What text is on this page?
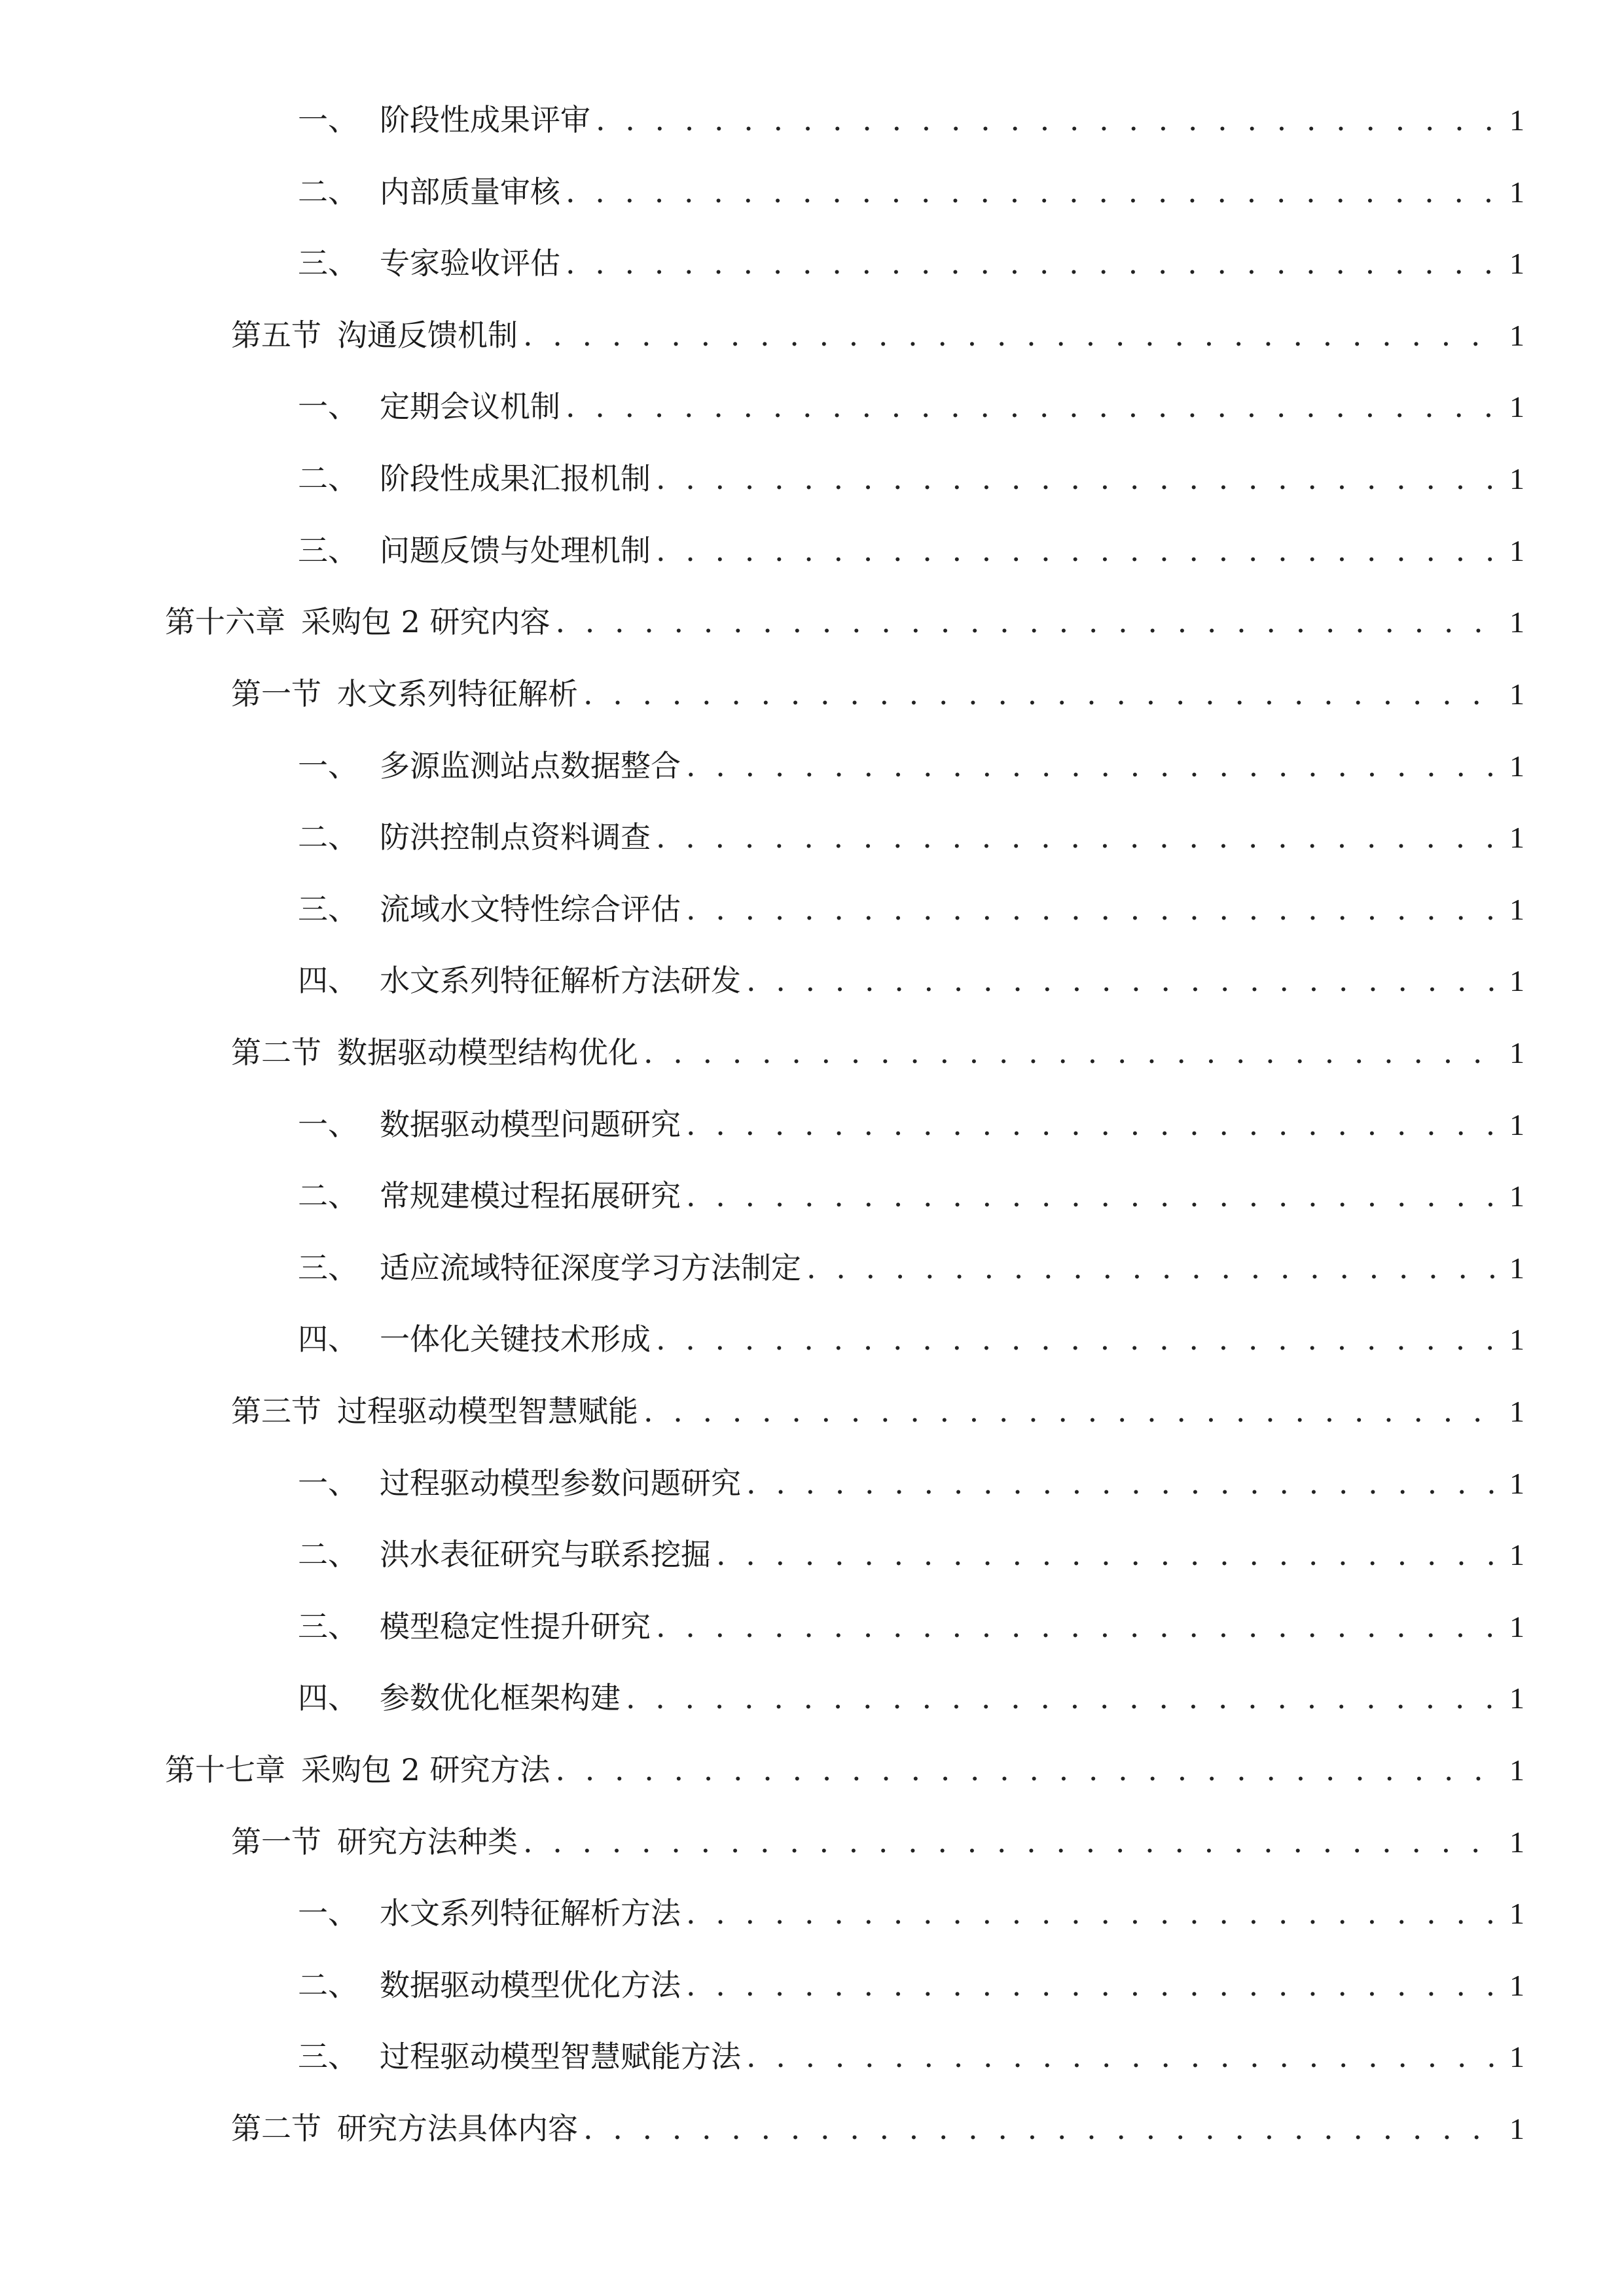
一、 阶段性成果评审 . . .	1
二、 内部质量审核 . . .	1
三、 专家验收评估 . . .	1
第五节 沟通反馈机制 . . .	1
一、 定期会议机制 . . .	1
二、 阶段性成果汇报机制 . . .	1
三、 问题反馈与处理机制 . . .	1
第十六章 采购包 2 研究内容 . . .	1
第一节 水文系列特征解析 . . .	1
一、 多源监测站点数据整合 . . .	1
二、 防洪控制点资料调查 . . .	1
三、 流域水文特性综合评估 . . .	1
四、 水文系列特征解析方法研发 . . .	1
第二节 数据驱动模型结构优化 . . .	1
一、 数据驱动模型问题研究 . . .	1
二、 常规建模过程拓展研究 . . .	1
三、 适应流域特征深度学习方法制定 . . .	1
四、 一体化关键技术形成 . . .	1
第三节 过程驱动模型智慧赋能 . . .	1
一、 过程驱动模型参数问题研究 . . .	1
二、 洪水表征研究与联系挖掘 . . .	1
三、 模型稳定性提升研究 . . .	1
四、 参数优化框架构建 . . .	1
第十七章 采购包 2 研究方法 . . .	1
第一节 研究方法种类 . . .	1
一、 水文系列特征解析方法 . . .	1
二、 数据驱动模型优化方法 . . .	1
三、 过程驱动模型智慧赋能方法 . . .	1
第二节 研究方法具体内容 . . .	1
